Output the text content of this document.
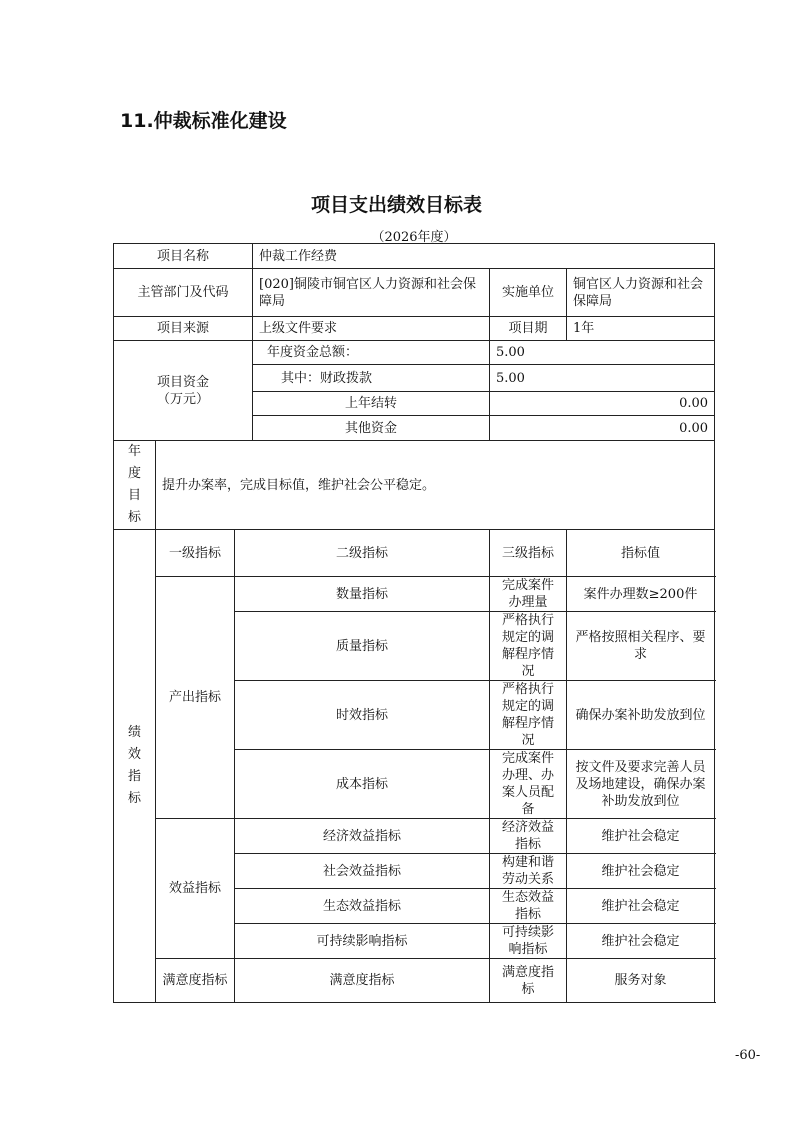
11.仲裁标准化建设
项目支出绩效目标表
（2026年度）
项目名称			仲裁工作经费		
主管部门及代码			[020]铜陵市铜官区人力资源和社会保障局	实施单位	铜官区人力资源和社会保障局
项目来源			上级文件要求	项目期	1年

项目资金
（万元）			年度资金总额：	5.00	
			其中：财政拨款	5.00	
			上年结转	0.00	
			其他资金	0.00	
年
度
目
标	提升办案率，完成目标值，维护社会公平稳定。				
绩
效
指
标	一级指标	二级指标		三级指标	指标值
	产出指标	数量指标		完成案件办理量	案件办理数≥200件
		质量指标		严格执行规定的调解程序情况	严格按照相关程序、要求
		时效指标		严格执行规定的调解程序情况	确保办案补助发放到位
		成本指标		完成案件办理、办案人员配备	按文件及要求完善人员及场地建设，确保办案补助发放到位
	效益指标	经济效益指标		经济效益指标	维护社会稳定
		社会效益指标		构建和谐劳动关系	维护社会稳定
		生态效益指标		生态效益指标	维护社会稳定
		可持续影响指标		可持续影响指标	维护社会稳定
	满意度指标	满意度指标		满意度指标	服务对象
-60-
